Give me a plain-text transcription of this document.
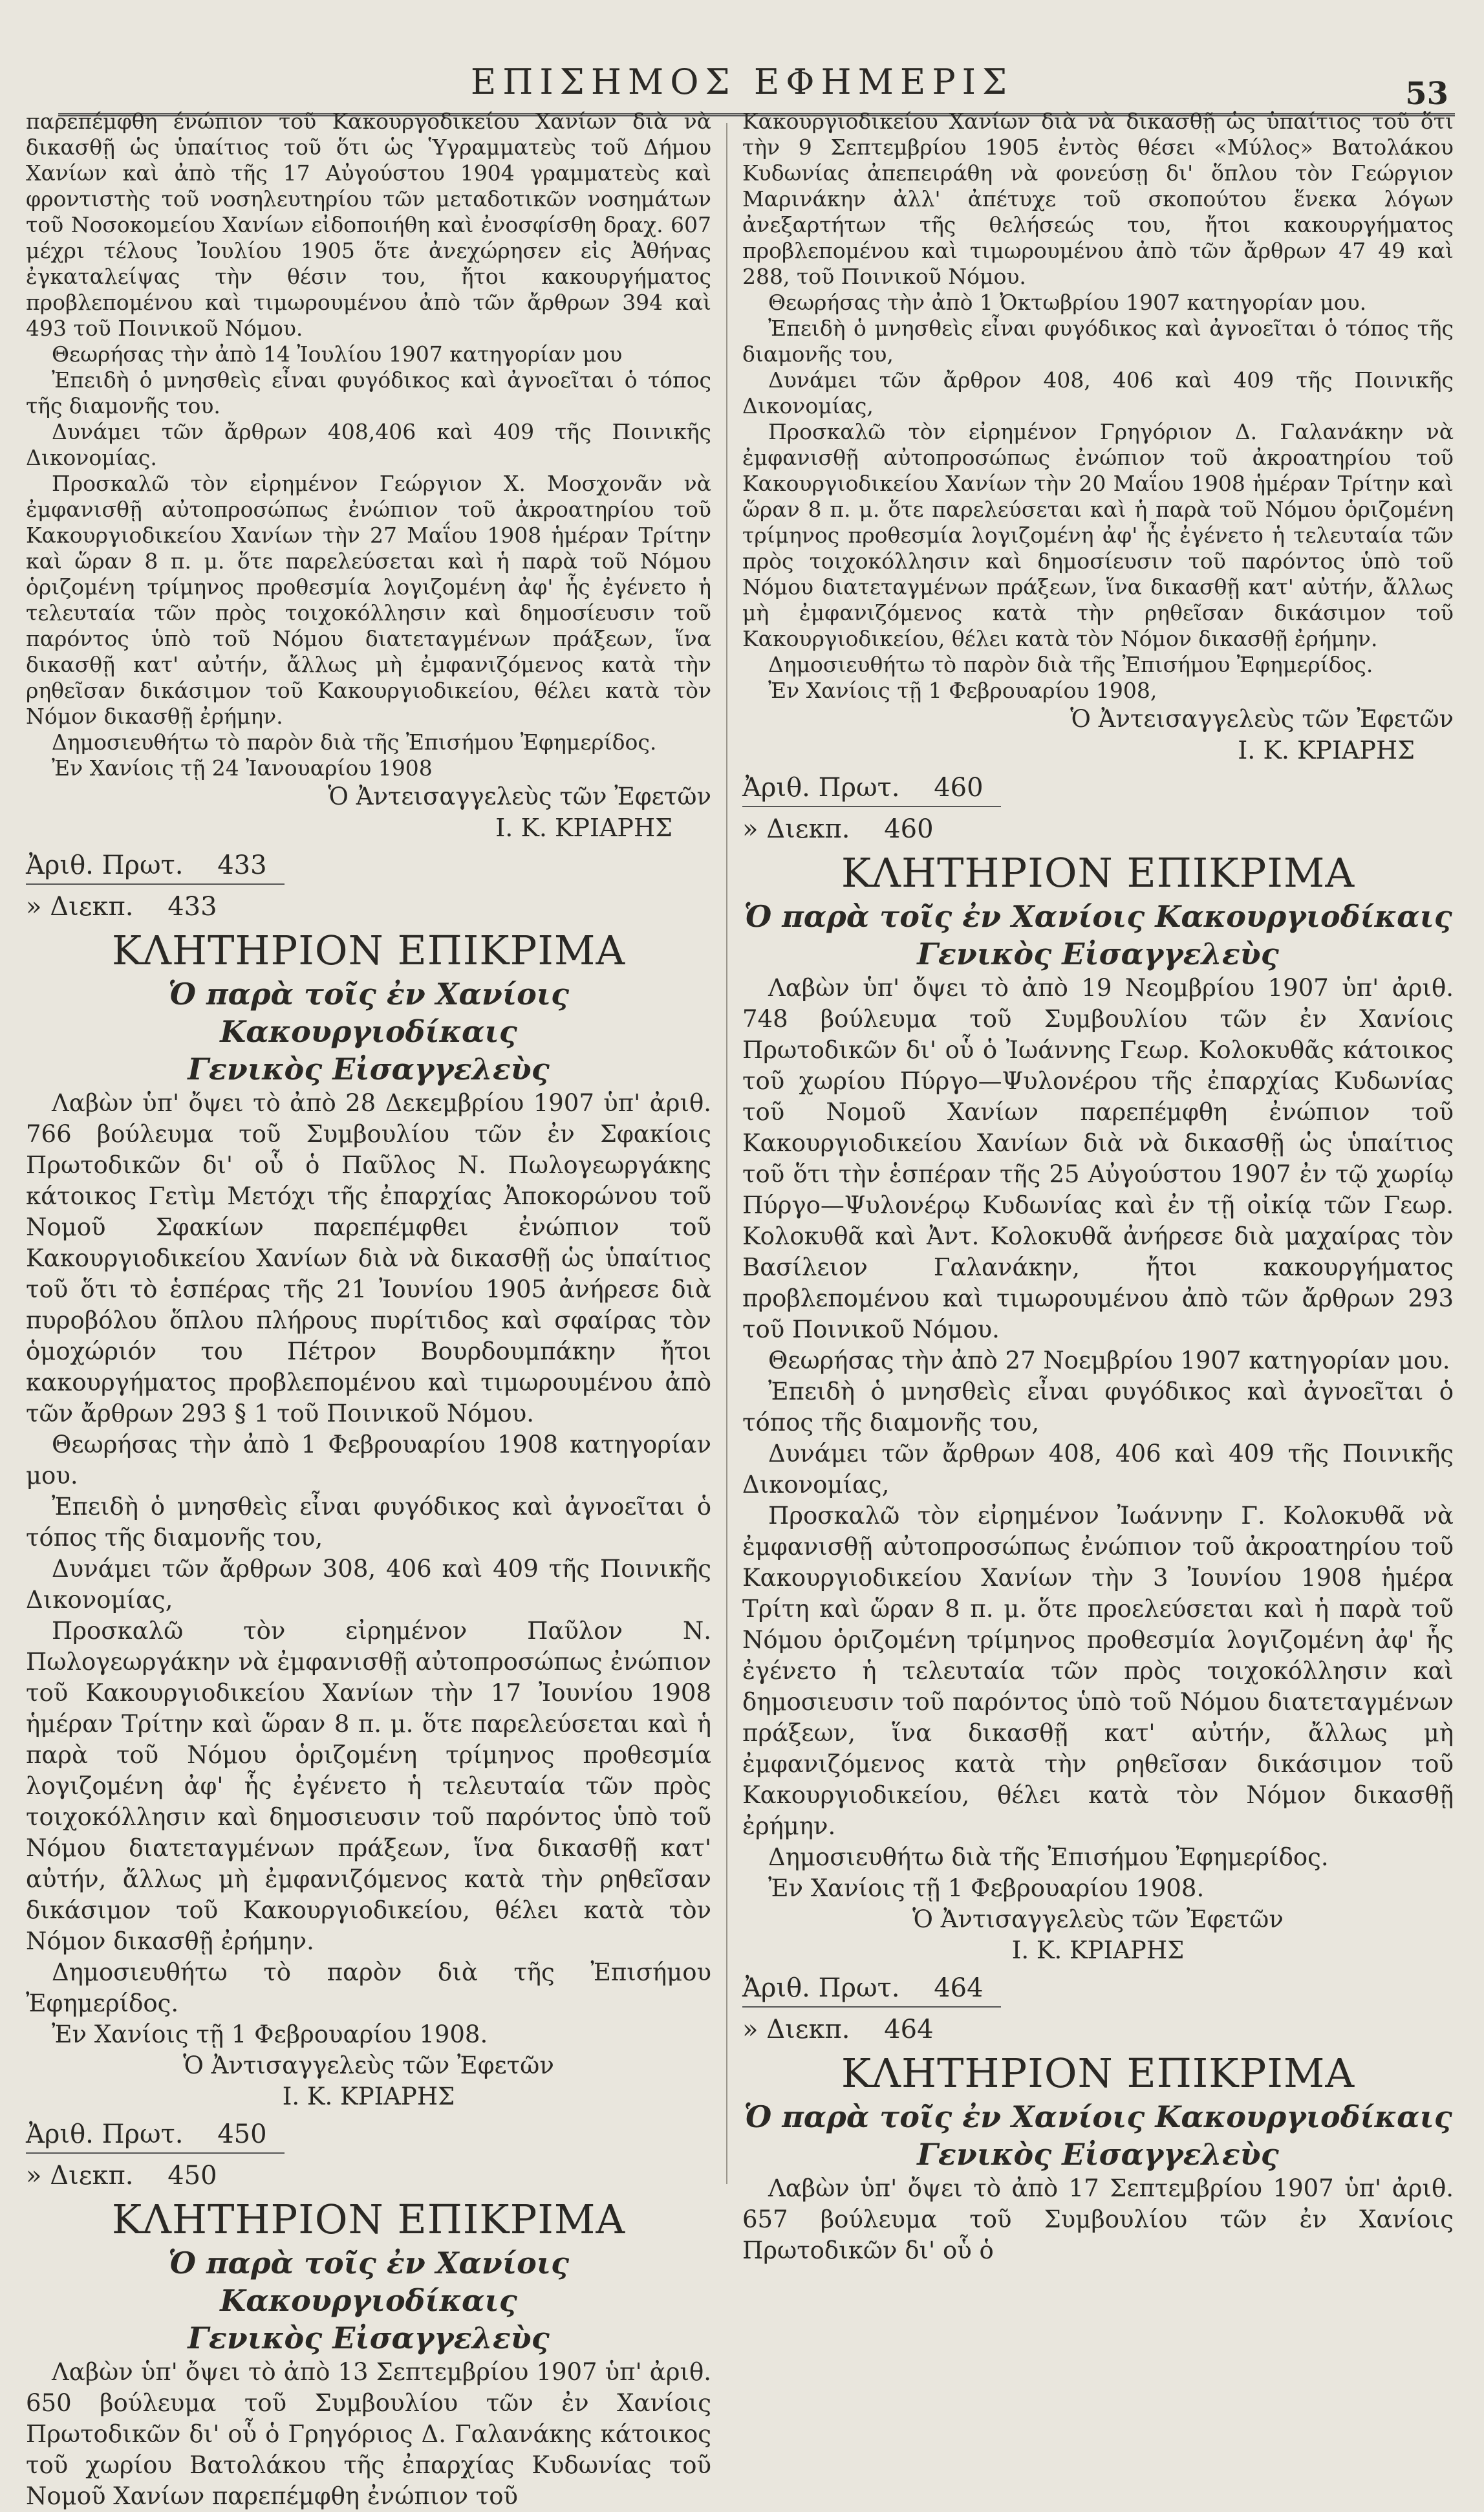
ΕΠΙΣΗΜΟΣ ΕΦΗΜΕΡΙΣ	53

παρεπέμφθη ένώπιον τοῦ Κακουργοδικείου Χανίων διὰ νὰ δικασθῇ ὡς ὑπαίτιος τοῦ ὅτι ὡς Ὑγραμματεὺς τοῦ Δήμου Χανίων καὶ ἀπὸ τῆς 17 Αὐγούστου 1904 γραμματεὺς καὶ φροντιστὴς τοῦ νοσηλευτηρίου τῶν μεταδοτικῶν νοσημάτων τοῦ Νοσοκομείου Χανίων εἰδοποιήθη καὶ ἐνοσφίσθη δραχ. 607 μέχρι τέλους Ἰουλίου 1905 ὅτε ἀνεχώρησεν εἰς Ἀθήνας ἐγκαταλείψας τὴν θέσιν του, ἤτοι κακουργήματος προβλεπομένου καὶ τιμωρουμένου ἀπὸ τῶν ἄρθρων 394 καὶ 493 τοῦ Ποινικοῦ Νόμου.

Θεωρήσας τὴν ἀπὸ 14 Ἰουλίου 1907 κατηγορίαν μου

Ἐπειδὴ ὁ μνησθεὶς εἶναι φυγόδικος καὶ ἀγνοεῖται ὁ τόπος τῆς διαμονῆς του.

Δυνάμει τῶν ἄρθρων 408,406 καὶ 409 τῆς Ποινικῆς Δικονομίας.

Προσκαλῶ τὸν εἰρημένον Γεώργιον Χ. Μοσχονᾶν νὰ ἐμφανισθῇ αὐτοπροσώπως ἐνώπιον τοῦ ἀκροατηρίου τοῦ Κακουργιοδικείου Χανίων τὴν 27 Μαΐου 1908 ἡμέραν Τρίτην καὶ ὥραν 8 π. μ. ὅτε παρελεύσεται καὶ ἡ παρὰ τοῦ Νόμου ὁριζομένη τρίμηνος προθεσμία λογιζομένη ἀφ' ἧς ἐγένετο ἡ τελευταία τῶν πρὸς τοιχοκόλλησιν καὶ δημοσίευσιν τοῦ παρόντος ὑπὸ τοῦ Νόμου διατεταγμένων πράξεων, ἵνα δικασθῇ κατ' αὐτήν, ἄλλως μὴ ἐμφανιζόμενος κατὰ τὴν ρηθεῖσαν δικάσιμον τοῦ Κακουργιοδικείου, θέλει κατὰ τὸν Νόμον δικασθῇ ἐρήμην.

Δημοσιευθήτω τὸ παρὸν διὰ τῆς Ἐπισήμου Ἐφημερίδος.

Ἐν Χανίοις τῇ 24 Ἰανουαρίου 1908

Ὁ Ἀντεισαγγελεὺς τῶν Ἐφετῶν
Ι. Κ. ΚΡΙΑΡΗΣ
Ἀριθ. Πρωτ. 433
» Διεκπ. 433
ΚΛΗΤΗΡΙΟΝ ΕΠΙΚΡΙΜΑ
Ὁ παρὰ τοῖς ἐν Χανίοις Κακουργιοδίκαις
Γενικὸς Εἰσαγγελεὺς

Λαβὼν ὑπ' ὄψει τὸ ἀπὸ 28 Δεκεμβρίου 1907 ὑπ' ἀριθ. 766 βούλευμα τοῦ Συμβουλίου τῶν ἐν Σφακίοις Πρωτοδικῶν δι' οὗ ὁ Παῦλος Ν. Πωλογεωργάκης κάτοικος Γετὶμ Μετόχι τῆς ἐπαρχίας Ἀποκορώνου τοῦ Νομοῦ Σφακίων παρεπέμφθει ἐνώπιον τοῦ Κακουργιοδικείου Χανίων διὰ νὰ δικασθῇ ὡς ὑπαίτιος τοῦ ὅτι τὸ ἑσπέρας τῆς 21 Ἰουνίου 1905 ἀνήρεσε διὰ πυροβόλου ὅπλου πλήρους πυρίτιδος καὶ σφαίρας τὸν ὁμοχώριόν του Πέτρον Βουρδουμπάκην ἤτοι κακουργήματος προβλεπομένου καὶ τιμωρουμένου ἀπὸ τῶν ἄρθρων 293 § 1 τοῦ Ποινικοῦ Νόμου.

Θεωρήσας τὴν ἀπὸ 1 Φεβρουαρίου 1908 κατηγορίαν μου.

Ἐπειδὴ ὁ μνησθεὶς εἶναι φυγόδικος καὶ ἀγνοεῖται ὁ τόπος τῆς διαμονῆς του,

Δυνάμει τῶν ἄρθρων 308, 406 καὶ 409 τῆς Ποινικῆς Δικονομίας,

Προσκαλῶ τὸν εἰρημένον Παῦλον Ν. Πωλογεωργάκην νὰ ἐμφανισθῇ αὐτοπροσώπως ἐνώπιον τοῦ Κακουργιοδικείου Χανίων τὴν 17 Ἰουνίου 1908 ἡμέραν Τρίτην καὶ ὥραν 8 π. μ. ὅτε παρελεύσεται καὶ ἡ παρὰ τοῦ Νόμου ὁριζομένη τρίμηνος προθεσμία λογιζομένη ἀφ' ἧς ἐγένετο ἡ τελευταία τῶν πρὸς τοιχοκόλλησιν καὶ δημοσιευσιν τοῦ παρόντος ὑπὸ τοῦ Νόμου διατεταγμένων πράξεων, ἵνα δικασθῇ κατ' αὐτήν, ἄλλως μὴ ἐμφανιζόμενος κατὰ τὴν ρηθεῖσαν δικάσιμον τοῦ Κακουργιοδικείου, θέλει κατὰ τὸν Νόμον δικασθῇ ἐρήμην.

Δημοσιευθήτω τὸ παρὸν διὰ τῆς Ἐπισήμου Ἐφημερίδος.

Ἐν Χανίοις τῇ 1 Φεβρουαρίου 1908.

Ὁ Ἀντισαγγελεὺς τῶν Ἐφετῶν
Ι. Κ. ΚΡΙΑΡΗΣ
Ἀριθ. Πρωτ. 450
» Διεκπ. 450
ΚΛΗΤΗΡΙΟΝ ΕΠΙΚΡΙΜΑ
Ὁ παρὰ τοῖς ἐν Χανίοις Κακουργιοδίκαις
Γενικὸς Εἰσαγγελεὺς

Λαβὼν ὑπ' ὄψει τὸ ἀπὸ 13 Σεπτεμβρίου 1907 ὑπ' ἀριθ. 650 βούλευμα τοῦ Συμβουλίου τῶν ἐν Χανίοις Πρωτοδικῶν δι' οὗ ὁ Γρηγόριος Δ. Γαλανάκης κάτοικος τοῦ χωρίου Βατολάκου τῆς ἐπαρχίας Κυδωνίας τοῦ Νομοῦ Χανίων παρεπέμφθη ἐνώπιον τοῦ

Κακουργιοδικείου Χανίων διὰ νὰ δικασθῇ ὡς ὑπαίτιος τοῦ ὅτι τὴν 9 Σεπτεμβρίου 1905 ἐντὸς θέσει «Μύλος» Βατολάκου Κυδωνίας ἀπεπειράθη νὰ φονεύσῃ δι' ὅπλου τὸν Γεώργιον Μαρινάκην ἀλλ' ἀπέτυχε τοῦ σκοπούτου ἕνεκα λόγων ἀνεξαρτήτων τῆς θελήσεώς του, ἤτοι κακουργήματος προβλεπομένου καὶ τιμωρουμένου ἀπὸ τῶν ἄρθρων 47 49 καὶ 288, τοῦ Ποινικοῦ Νόμου.

Θεωρήσας τὴν ἀπὸ 1 Ὀκτωβρίου 1907 κατηγορίαν μου.

Ἐπειδὴ ὁ μνησθεὶς εἶναι φυγόδικος καὶ ἀγνοεῖται ὁ τόπος τῆς διαμονῆς του,

Δυνάμει τῶν ἄρθρον 408, 406 καὶ 409 τῆς Ποινικῆς Δικονομίας,

Προσκαλῶ τὸν εἰρημένον Γρηγόριον Δ. Γαλανάκην νὰ ἐμφανισθῇ αὐτοπροσώπως ἐνώπιον τοῦ ἀκροατηρίου τοῦ Κακουργιοδικείου Χανίων τὴν 20 Μαΐου 1908 ἡμέραν Τρίτην καὶ ὥραν 8 π. μ. ὅτε παρελεύσεται καὶ ἡ παρὰ τοῦ Νόμου ὁριζομένη τρίμηνος προθεσμία λογιζομένη ἀφ' ἧς ἐγένετο ἡ τελευταία τῶν πρὸς τοιχοκόλλησιν καὶ δημοσίευσιν τοῦ παρόντος ὑπὸ τοῦ Νόμου διατεταγμένων πράξεων, ἵνα δικασθῇ κατ' αὐτήν, ἄλλως μὴ ἐμφανιζόμενος κατὰ τὴν ρηθεῖσαν δικάσιμον τοῦ Κακουργιοδικείου, θέλει κατὰ τὸν Νόμον δικασθῇ ἐρήμην.

Δημοσιευθήτω τὸ παρὸν διὰ τῆς Ἐπισήμου Ἐφημερίδος.

Ἐν Χανίοις τῇ 1 Φεβρουαρίου 1908,

Ὁ Ἀντεισαγγελεὺς τῶν Ἐφετῶν
Ι. Κ. ΚΡΙΑΡΗΣ
Ἀριθ. Πρωτ. 460
» Διεκπ. 460
ΚΛΗΤΗΡΙΟΝ ΕΠΙΚΡΙΜΑ
Ὁ παρὰ τοῖς ἐν Χανίοις Κακουργιοδίκαις
Γενικὸς Εἰσαγγελεὺς

Λαβὼν ὑπ' ὄψει τὸ ἀπὸ 19 Νεομβρίου 1907 ὑπ' ἀριθ. 748 βούλευμα τοῦ Συμβουλίου τῶν ἐν Χανίοις Πρωτοδικῶν δι' οὗ ὁ Ἰωάννης Γεωρ. Κολοκυθᾶς κάτοικος τοῦ χωρίου Πύργο—Ψυλονέρου τῆς ἐπαρχίας Κυδωνίας τοῦ Νομοῦ Χανίων παρεπέμφθη ἐνώπιον τοῦ Κακουργιοδικείου Χανίων διὰ νὰ δικασθῇ ὡς ὑπαίτιος τοῦ ὅτι τὴν ἑσπέραν τῆς 25 Αὐγούστου 1907 ἐν τῷ χωρίῳ Πύργο—Ψυλονέρῳ Κυδωνίας καὶ ἐν τῇ οἰκίᾳ τῶν Γεωρ. Κολοκυθᾶ καὶ Ἀντ. Κολοκυθᾶ ἀνήρεσε διὰ μαχαίρας τὸν Βασίλειον Γαλανάκην, ἤτοι κακουργήματος προβλεπομένου καὶ τιμωρουμένου ἀπὸ τῶν ἄρθρων 293 τοῦ Ποινικοῦ Νόμου.

Θεωρήσας τὴν ἀπὸ 27 Νοεμβρίου 1907 κατηγορίαν μου.

Ἐπειδὴ ὁ μνησθεὶς εἶναι φυγόδικος καὶ ἀγνοεῖται ὁ τόπος τῆς διαμονῆς του,

Δυνάμει τῶν ἄρθρων 408, 406 καὶ 409 τῆς Ποινικῆς Δικονομίας,

Προσκαλῶ τὸν εἰρημένον Ἰωάννην Γ. Κολοκυθᾶ νὰ ἐμφανισθῇ αὐτοπροσώπως ἐνώπιον τοῦ ἀκροατηρίου τοῦ Κακουργιοδικείου Χανίων τὴν 3 Ἰουνίου 1908 ἡμέρα Τρίτη καὶ ὥραν 8 π. μ. ὅτε προελεύσεται καὶ ἡ παρὰ τοῦ Νόμου ὁριζομένη τρίμηνος προθεσμία λογιζομένη ἀφ' ἧς ἐγένετο ἡ τελευταία τῶν πρὸς τοιχοκόλλησιν καὶ δημοσιευσιν τοῦ παρόντος ὑπὸ τοῦ Νόμου διατεταγμένων πράξεων, ἵνα δικασθῇ κατ' αὐτήν, ἄλλως μὴ ἐμφανιζόμενος κατὰ τὴν ρηθεῖσαν δικάσιμον τοῦ Κακουργιοδικείου, θέλει κατὰ τὸν Νόμον δικασθῇ ἐρήμην.

Δημοσιευθήτω διὰ τῆς Ἐπισήμου Ἐφημερίδος.

Ἐν Χανίοις τῇ 1 Φεβρουαρίου 1908.

Ὁ Ἀντισαγγελεὺς τῶν Ἐφετῶν
Ι. Κ. ΚΡΙΑΡΗΣ
Ἀριθ. Πρωτ. 464
» Διεκπ. 464
ΚΛΗΤΗΡΙΟΝ ΕΠΙΚΡΙΜΑ
Ὁ παρὰ τοῖς ἐν Χανίοις Κακουργιοδίκαις
Γενικὸς Εἰσαγγελεὺς

Λαβὼν ὑπ' ὄψει τὸ ἀπὸ 17 Σεπτεμβρίου 1907 ὑπ' ἀριθ. 657 βούλευμα τοῦ Συμβουλίου τῶν ἐν Χανίοις Πρωτοδικῶν δι' οὗ ὁ
